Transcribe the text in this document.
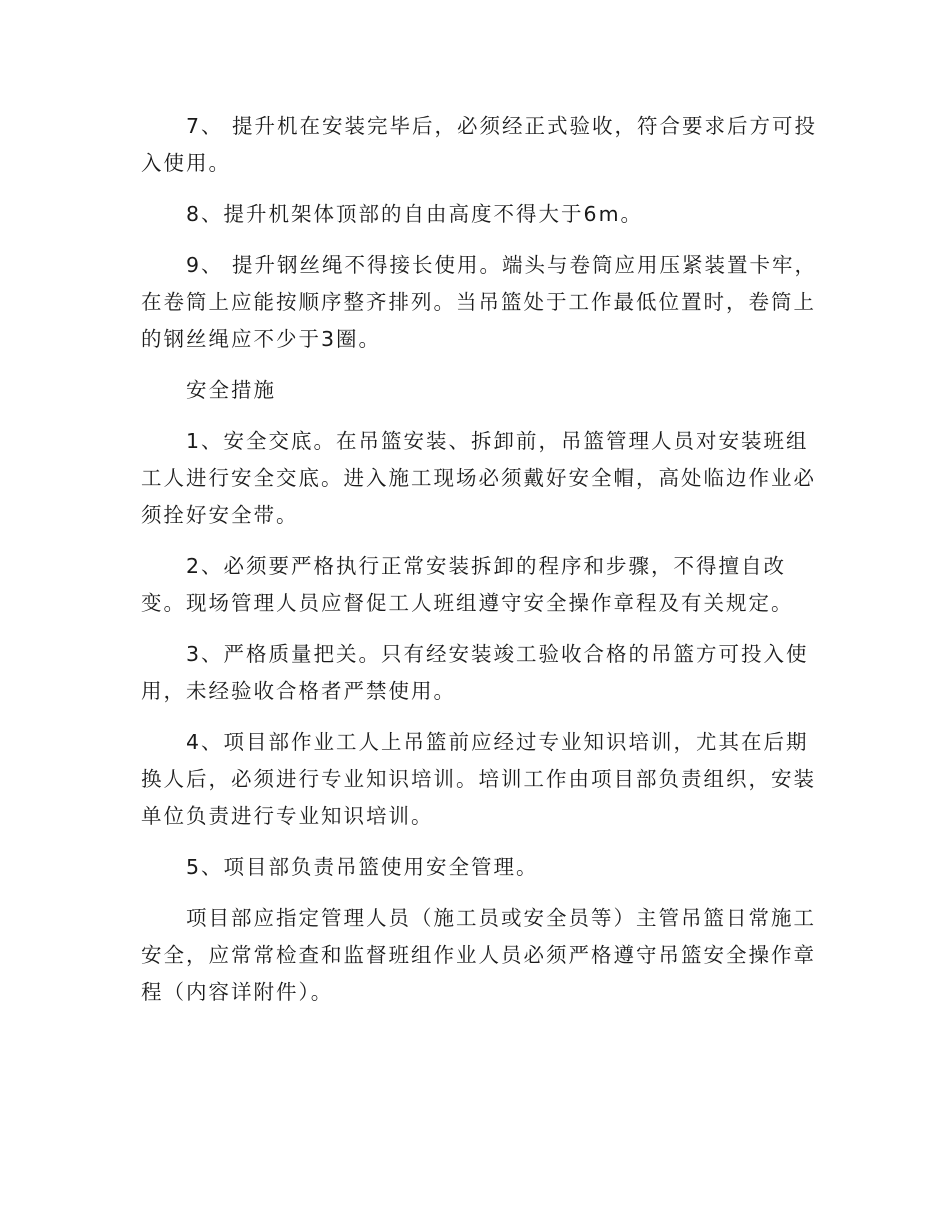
7、 提升机在安装完毕后，必须经正式验收，符合要求后方可投入使用。

8、提升机架体顶部的自由高度不得大于6m。

9、 提升钢丝绳不得接长使用。端头与卷筒应用压紧装置卡牢，在卷筒上应能按顺序整齐排列。当吊篮处于工作最低位置时，卷筒上的钢丝绳应不少于3圈。

安全措施

1、安全交底。在吊篮安装、拆卸前，吊篮管理人员对安装班组工人进行安全交底。进入施工现场必须戴好安全帽，高处临边作业必须拴好安全带。

2、必须要严格执行正常安装拆卸的程序和步骤，不得擅自改变。现场管理人员应督促工人班组遵守安全操作章程及有关规定。

3、严格质量把关。只有经安装竣工验收合格的吊篮方可投入使用，未经验收合格者严禁使用。

4、项目部作业工人上吊篮前应经过专业知识培训，尤其在后期换人后，必须进行专业知识培训。培训工作由项目部负责组织，安装单位负责进行专业知识培训。

5、项目部负责吊篮使用安全管理。

项目部应指定管理人员（施工员或安全员等）主管吊篮日常施工安全，应常常检查和监督班组作业人员必须严格遵守吊篮安全操作章程（内容详附件）。
